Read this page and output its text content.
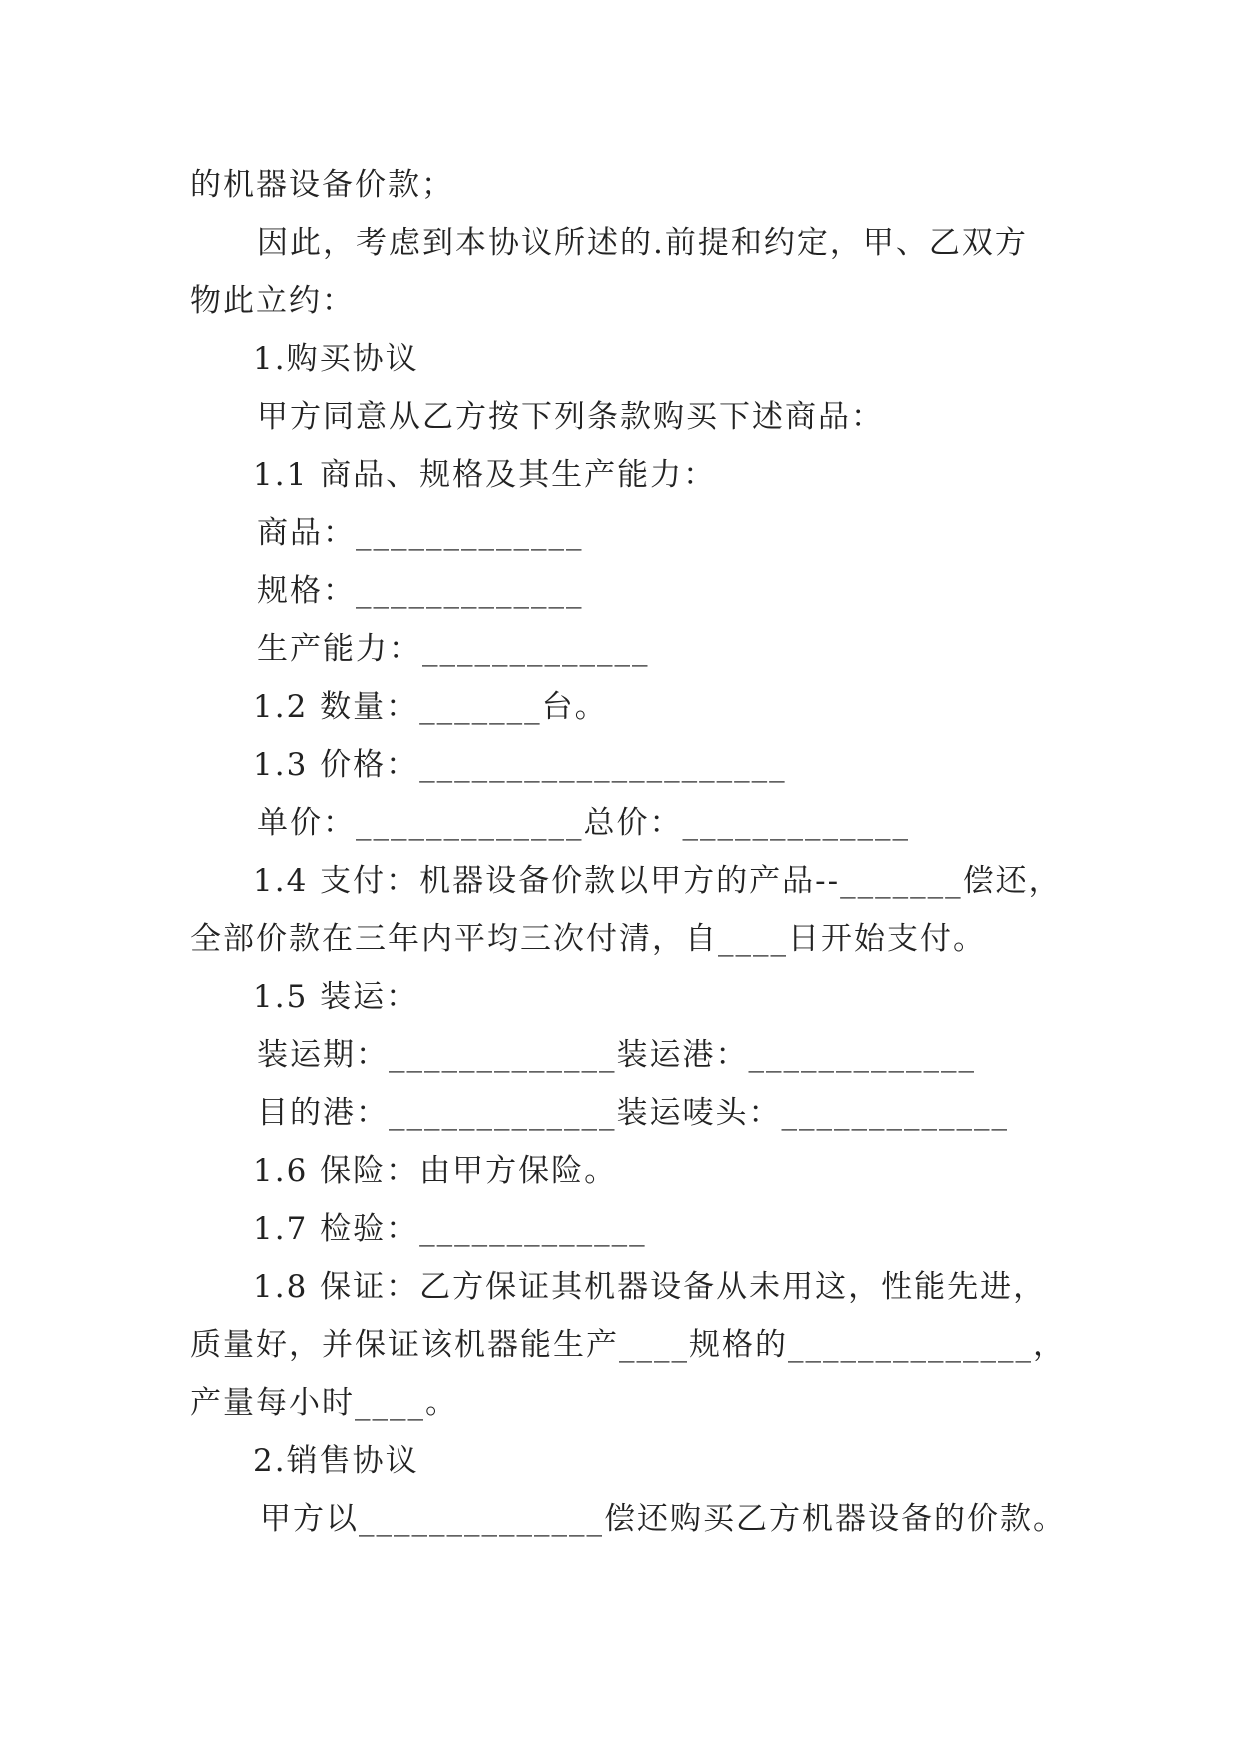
的机器设备价款；
因此，考虑到本协议所述的.前提和约定，甲、乙双方
物此立约：
1.购买协议
甲方同意从乙方按下列条款购买下述商品：
1.1 商品、规格及其生产能力：
商品：_____________
规格：_____________
生产能力：_____________
1.2 数量：_______台。
1.3 价格：_____________________
单价：_____________总价：_____________
1.4 支付：机器设备价款以甲方的产品--_______偿还，
全部价款在三年内平均三次付清，自____日开始支付。
1.5 装运：
装运期：_____________装运港：_____________
目的港：_____________装运唛头：_____________
1.6 保险：由甲方保险。
1.7 检验：_____________
1.8 保证：乙方保证其机器设备从未用这，性能先进，
质量好，并保证该机器能生产____规格的______________，
产量每小时____。
2.销售协议
甲方以______________偿还购买乙方机器设备的价款。
